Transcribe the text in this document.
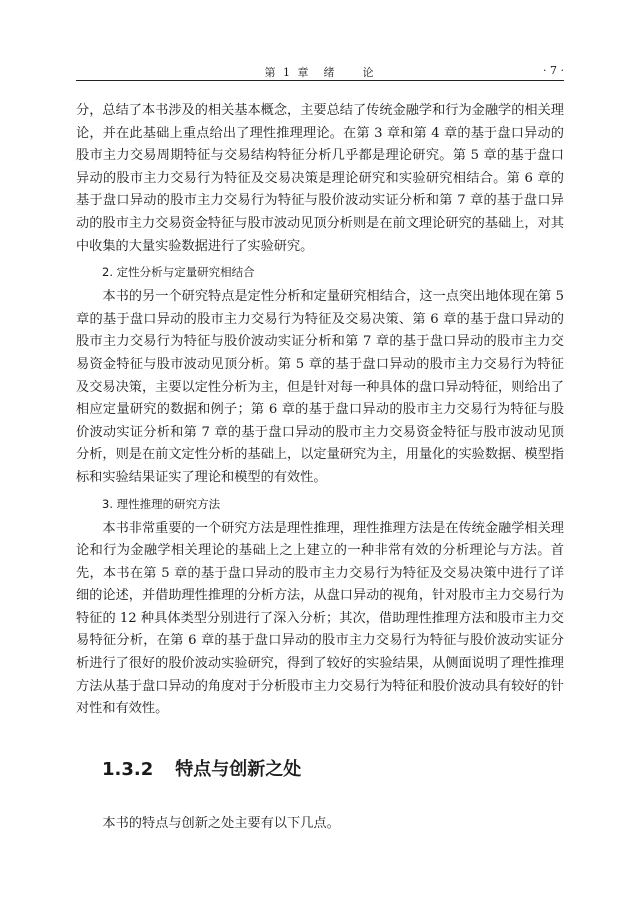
第 1 章　绪　　论	· 7 ·

分，总结了本书涉及的相关基本概念，主要总结了传统金融学和行为金融学的相关理论，并在此基础上重点给出了理性推理理论。在第 3 章和第 4 章的基于盘口异动的股市主力交易周期特征与交易结构特征分析几乎都是理论研究。第 5 章的基于盘口异动的股市主力交易行为特征及交易决策是理论研究和实验研究相结合。第 6 章的基于盘口异动的股市主力交易行为特征与股价波动实证分析和第 7 章的基于盘口异动的股市主力交易资金特征与股市波动见顶分析则是在前文理论研究的基础上，对其中收集的大量实验数据进行了实验研究。

2. 定性分析与定量研究相结合

本书的另一个研究特点是定性分析和定量研究相结合，这一点突出地体现在第 5 章的基于盘口异动的股市主力交易行为特征及交易决策、第 6 章的基于盘口异动的股市主力交易行为特征与股价波动实证分析和第 7 章的基于盘口异动的股市主力交易资金特征与股市波动见顶分析。第 5 章的基于盘口异动的股市主力交易行为特征及交易决策，主要以定性分析为主，但是针对每一种具体的盘口异动特征，则给出了相应定量研究的数据和例子；第 6 章的基于盘口异动的股市主力交易行为特征与股价波动实证分析和第 7 章的基于盘口异动的股市主力交易资金特征与股市波动见顶分析，则是在前文定性分析的基础上，以定量研究为主，用量化的实验数据、模型指标和实验结果证实了理论和模型的有效性。

3. 理性推理的研究方法

本书非常重要的一个研究方法是理性推理，理性推理方法是在传统金融学相关理论和行为金融学相关理论的基础上之上建立的一种非常有效的分析理论与方法。首先，本书在第 5 章的基于盘口异动的股市主力交易行为特征及交易决策中进行了详细的论述，并借助理性推理的分析方法，从盘口异动的视角，针对股市主力交易行为特征的 12 种具体类型分别进行了深入分析；其次，借助理性推理方法和股市主力交易特征分析，在第 6 章的基于盘口异动的股市主力交易行为特征与股价波动实证分析进行了很好的股价波动实验研究，得到了较好的实验结果，从侧面说明了理性推理方法从基于盘口异动的角度对于分析股市主力交易行为特征和股价波动具有较好的针对性和有效性。

1.3.2 特点与创新之处

本书的特点与创新之处主要有以下几点。
